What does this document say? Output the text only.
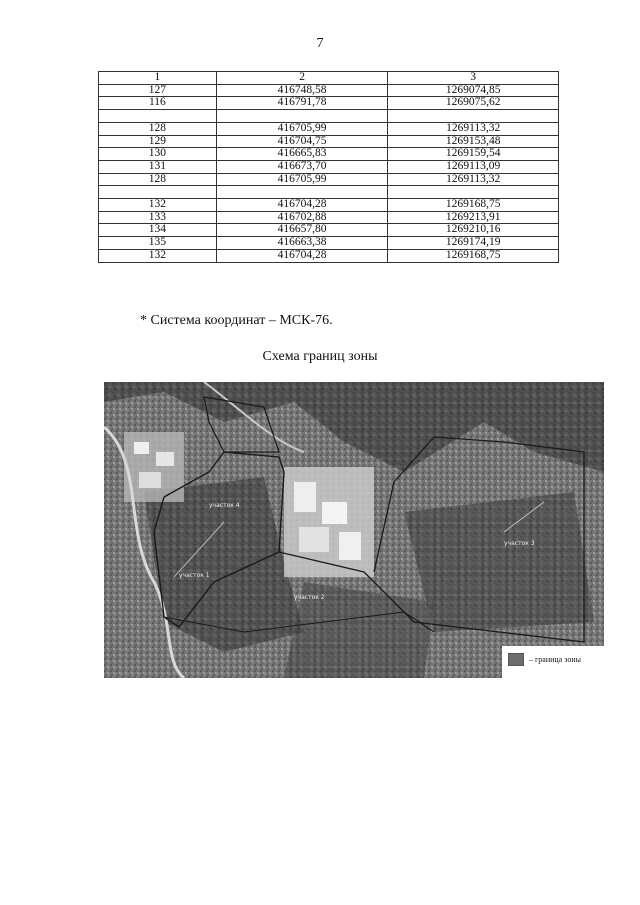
7
1	2	3
127	416748,58	1269074,85
116	416791,78	1269075,62

128	416705,99	1269113,32
129	416704,75	1269153,48
130	416665,83	1269159,54
131	416673,70	1269113,09
128	416705,99	1269113,32

132	416704,28	1269168,75
133	416702,88	1269213,91
134	416657,80	1269210,16
135	416663,38	1269174,19
132	416704,28	1269168,75
* Система координат – МСК-76.
Схема границ зоны
участок 1
участок 2
участок 3
участок 4
– граница зоны
